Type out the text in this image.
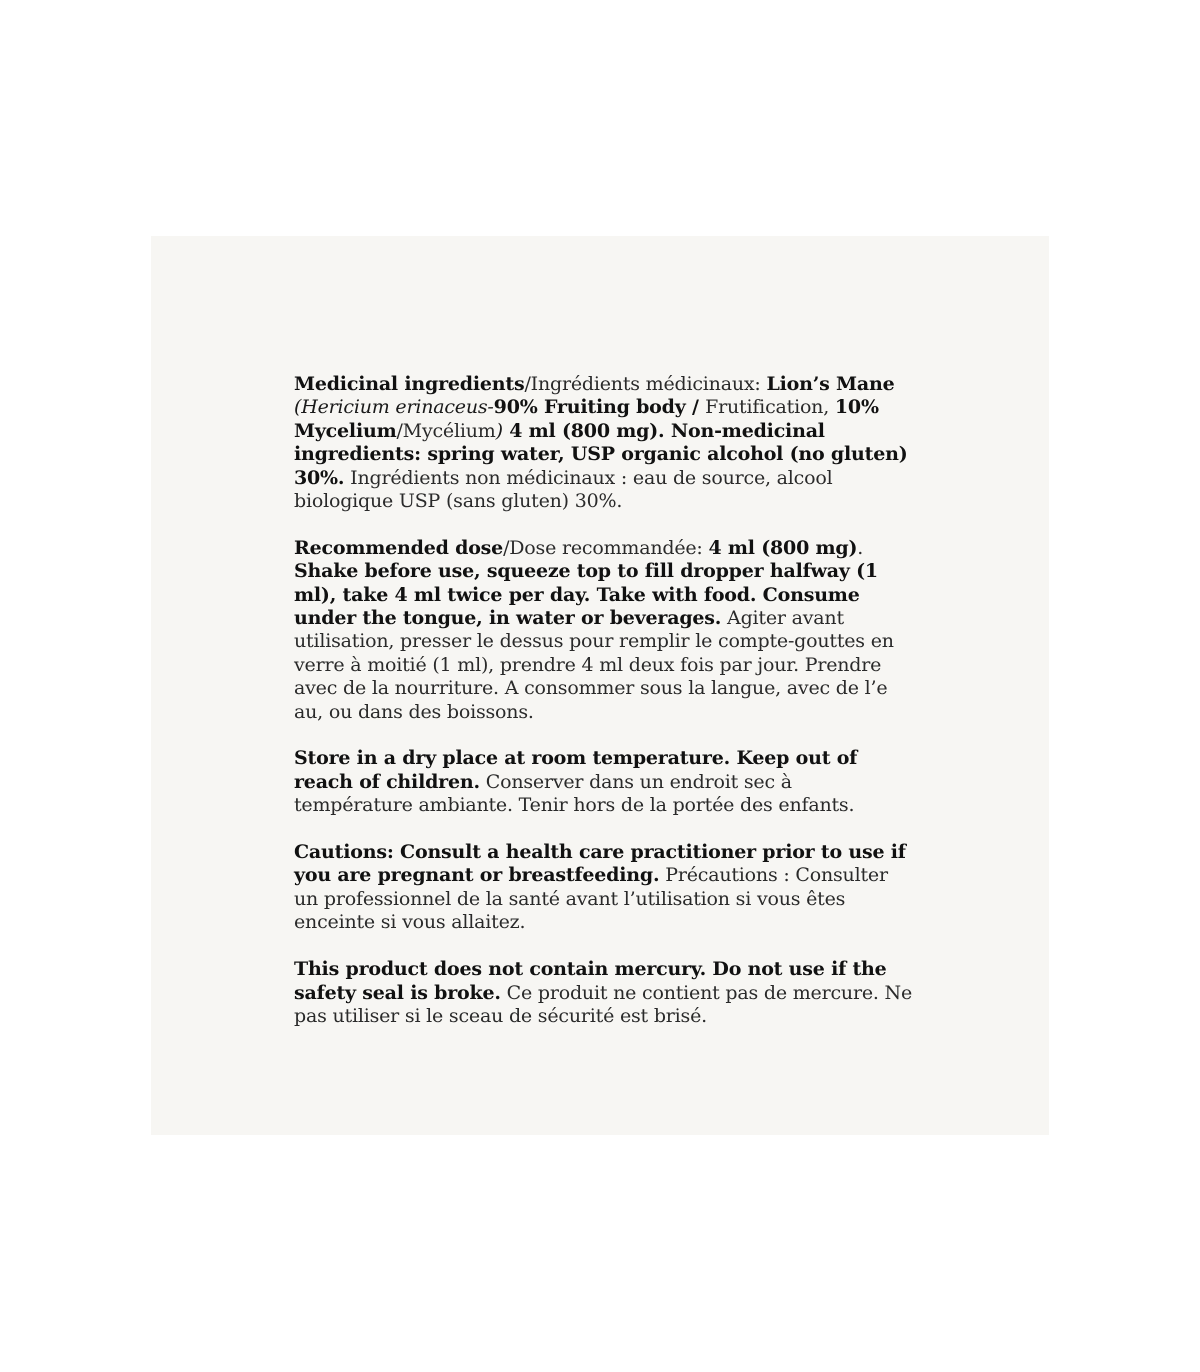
Medicinal ingredients/Ingrédients médicinaux: Lion’s Mane
(Hericium erinaceus-90% Fruiting body / Frutification, 10% Mycelium/Mycélium) 4 ml (800 mg). Non-medicinal ingredients: spring water, USP organic alcohol (no gluten) 30%. Ingrédients non médicinaux : eau de source, alcool biologique USP (sans gluten) 30%.

Recommended dose/Dose recommandée: 4 ml (800 mg). Shake before use, squeeze top to fill dropper halfway (1 ml), take 4 ml twice per day. Take with food. Consume under the tongue, in water or beverages. Agiter avant utilisation, presser le dessus pour remplir le compte-gouttes en verre à moitié (1 ml), prendre 4 ml deux fois par jour. Prendre avec de la nourriture. A consommer sous la langue, avec de l’e au, ou dans des boissons.

Store in a dry place at room temperature. Keep out of reach of children. Conserver dans un endroit sec à température ambiante. Tenir hors de la portée des enfants.

Cautions: Consult a health care practitioner prior to use if you are pregnant or breastfeeding. Précautions : Consulter un professionnel de la santé avant l’utilisation si vous êtes enceinte si vous allaitez.

This product does not contain mercury. Do not use if the safety seal is broke. Ce produit ne contient pas de mercure. Ne pas utiliser si le sceau de sécurité est brisé.
